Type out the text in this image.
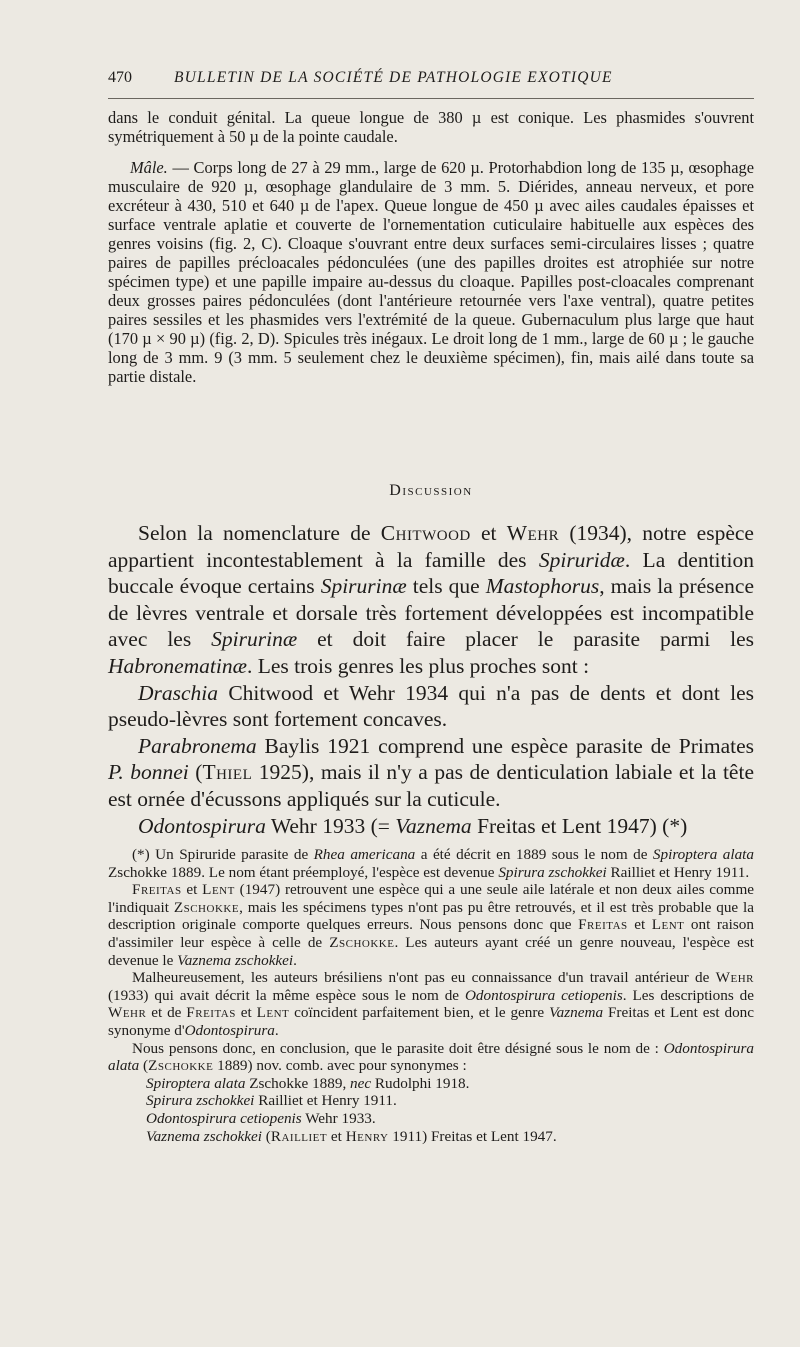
470	BULLETIN DE LA SOCIÉTÉ DE PATHOLOGIE EXOTIQUE

dans le conduit génital. La queue longue de 380 µ est conique. Les phasmides s'ouvrent symétriquement à 50 µ de la pointe caudale.

Mâle. — Corps long de 27 à 29 mm., large de 620 µ. Protorhabdion long de 135 µ, œsophage musculaire de 920 µ, œsophage glandulaire de 3 mm. 5. Diérides, anneau nerveux, et pore excréteur à 430, 510 et 640 µ de l'apex. Queue longue de 450 µ avec ailes caudales épaisses et surface ventrale aplatie et couverte de l'ornementation cuticulaire habituelle aux espèces des genres voisins (fig. 2, C). Cloaque s'ouvrant entre deux surfaces semi-circulaires lisses ; quatre paires de papilles précloacales pédonculées (une des papilles droites est atrophiée sur notre spécimen type) et une papille impaire au-dessus du cloaque. Papilles post-cloacales comprenant deux grosses paires pédonculées (dont l'antérieure retournée vers l'axe ventral), quatre petites paires sessiles et les phasmides vers l'extrémité de la queue. Gubernaculum plus large que haut (170 µ × 90 µ) (fig. 2, D). Spicules très inégaux. Le droit long de 1 mm., large de 60 µ ; le gauche long de 3 mm. 9 (3 mm. 5 seulement chez le deuxième spécimen), fin, mais ailé dans toute sa partie distale.

Discussion

Selon la nomenclature de Chitwood et Wehr (1934), notre espèce appartient incontestablement à la famille des Spiruridæ. La dentition buccale évoque certains Spirurinæ tels que Mastophorus, mais la présence de lèvres ventrale et dorsale très fortement développées est incompatible avec les Spirurinæ et doit faire placer le parasite parmi les Habronematinæ. Les trois genres les plus proches sont :

Draschia Chitwood et Wehr 1934 qui n'a pas de dents et dont les pseudo-lèvres sont fortement concaves.

Parabronema Baylis 1921 comprend une espèce parasite de Primates P. bonnei (Thiel 1925), mais il n'y a pas de denticulation labiale et la tête est ornée d'écussons appliqués sur la cuticule.

Odontospirura Wehr 1933 (= Vaznema Freitas et Lent 1947) (*)

(*) Un Spiruride parasite de Rhea americana a été décrit en 1889 sous le nom de Spiroptera alata Zschokke 1889. Le nom étant préemployé, l'espèce est devenue Spirura zschokkei Railliet et Henry 1911.

Freitas et Lent (1947) retrouvent une espèce qui a une seule aile latérale et non deux ailes comme l'indiquait Zschokke, mais les spécimens types n'ont pas pu être retrouvés, et il est très probable que la description originale comporte quelques erreurs. Nous pensons donc que Freitas et Lent ont raison d'assimiler leur espèce à celle de Zschokke. Les auteurs ayant créé un genre nouveau, l'espèce est devenue le Vaznema zschokkei.

Malheureusement, les auteurs brésiliens n'ont pas eu connaissance d'un travail antérieur de Wehr (1933) qui avait décrit la même espèce sous le nom de Odontospirura cetiopenis. Les descriptions de Wehr et de Freitas et Lent coïncident parfaitement bien, et le genre Vaznema Freitas et Lent est donc synonyme d'Odontospirura.

Nous pensons donc, en conclusion, que le parasite doit être désigné sous le nom de : Odontospirura alata (Zschokke 1889) nov. comb. avec pour synonymes :

Spiroptera alata Zschokke 1889, nec Rudolphi 1918.

Spirura zschokkei Railliet et Henry 1911.

Odontospirura cetiopenis Wehr 1933.

Vaznema zschokkei (Railliet et Henry 1911) Freitas et Lent 1947.
